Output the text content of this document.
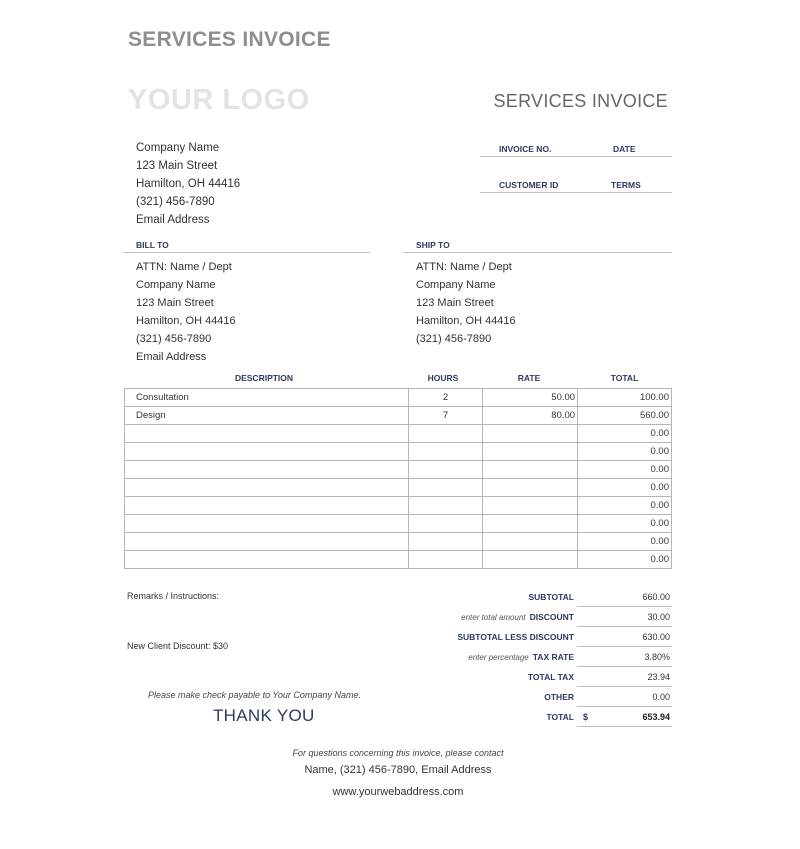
SERVICES INVOICE
YOUR LOGO	SERVICES INVOICE
Company Name
123 Main Street
Hamilton, OH 44416
(321) 456-7890
Email Address
INVOICE NO.	DATE
CUSTOMER ID	TERMS
BILL TO
ATTN: Name / Dept
Company Name
123 Main Street
Hamilton, OH 44416
(321) 456-7890
Email Address
SHIP TO
ATTN: Name / Dept
Company Name
123 Main Street
Hamilton, OH 44416
(321) 456-7890
DESCRIPTION	HOURS	RATE	TOTAL
Consultation	2	50.00	100.00
Design	7	80.00	560.00
			0.00
			0.00
			0.00
			0.00
			0.00
			0.00
			0.00
			0.00
Remarks / Instructions:
New Client Discount: $30
SUBTOTAL	660.00
enter total amount DISCOUNT	30.00
SUBTOTAL LESS DISCOUNT	630.00
enter percentage TAX RATE	3.80%
TOTAL TAX	23.94
OTHER	0.00
TOTAL $	653.94
Please make check payable to Your Company Name.
THANK YOU
For questions concerning this invoice, please contact
Name, (321) 456-7890, Email Address
www.yourwebaddress.com
